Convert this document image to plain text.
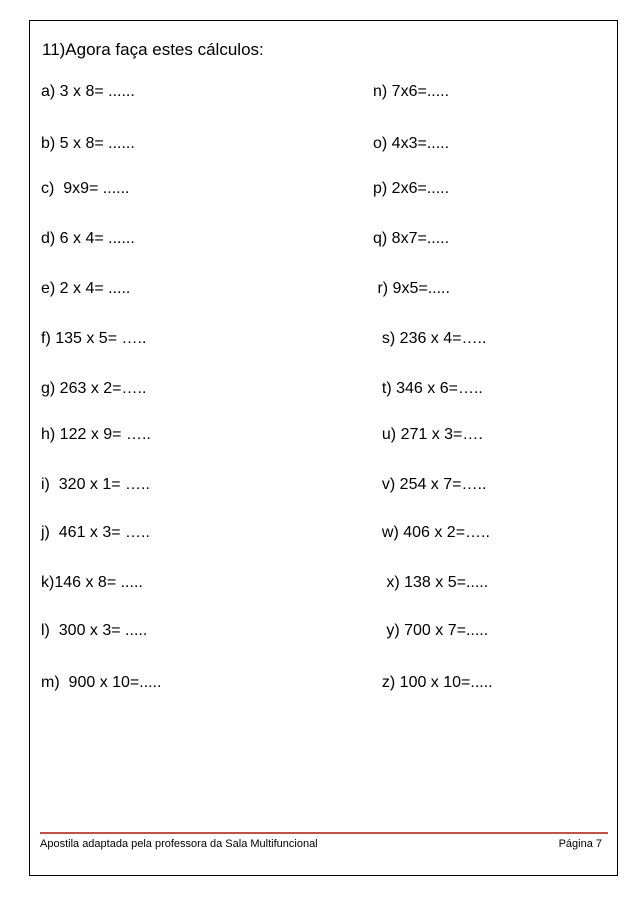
11)Agora faça estes cálculos:
a) 3 x 8= ......
b) 5 x 8= ......
c)  9x9= ......
d) 6 x 4= ......
e) 2 x 4= .....
f) 135 x 5= …..
g) 263 x 2=…..
h) 122 x 9= …..
i)  320 x 1= …..
j)  461 x 3= …..
k)146 x 8= .....
l)  300 x 3= .....
m)  900 x 10=.....
n) 7x6=.....
o) 4x3=.....
p) 2x6=.....
q) 8x7=.....
r) 9x5=.....
s) 236 x 4=…..
t) 346 x 6=…..
u) 271 x 3=….
v) 254 x 7=…..
w) 406 x 2=…..
x) 138 x 5=.....
y) 700 x 7=.....
z) 100 x 10=.....
Apostila adaptada pela professora da Sala Multifuncional	Página 7
